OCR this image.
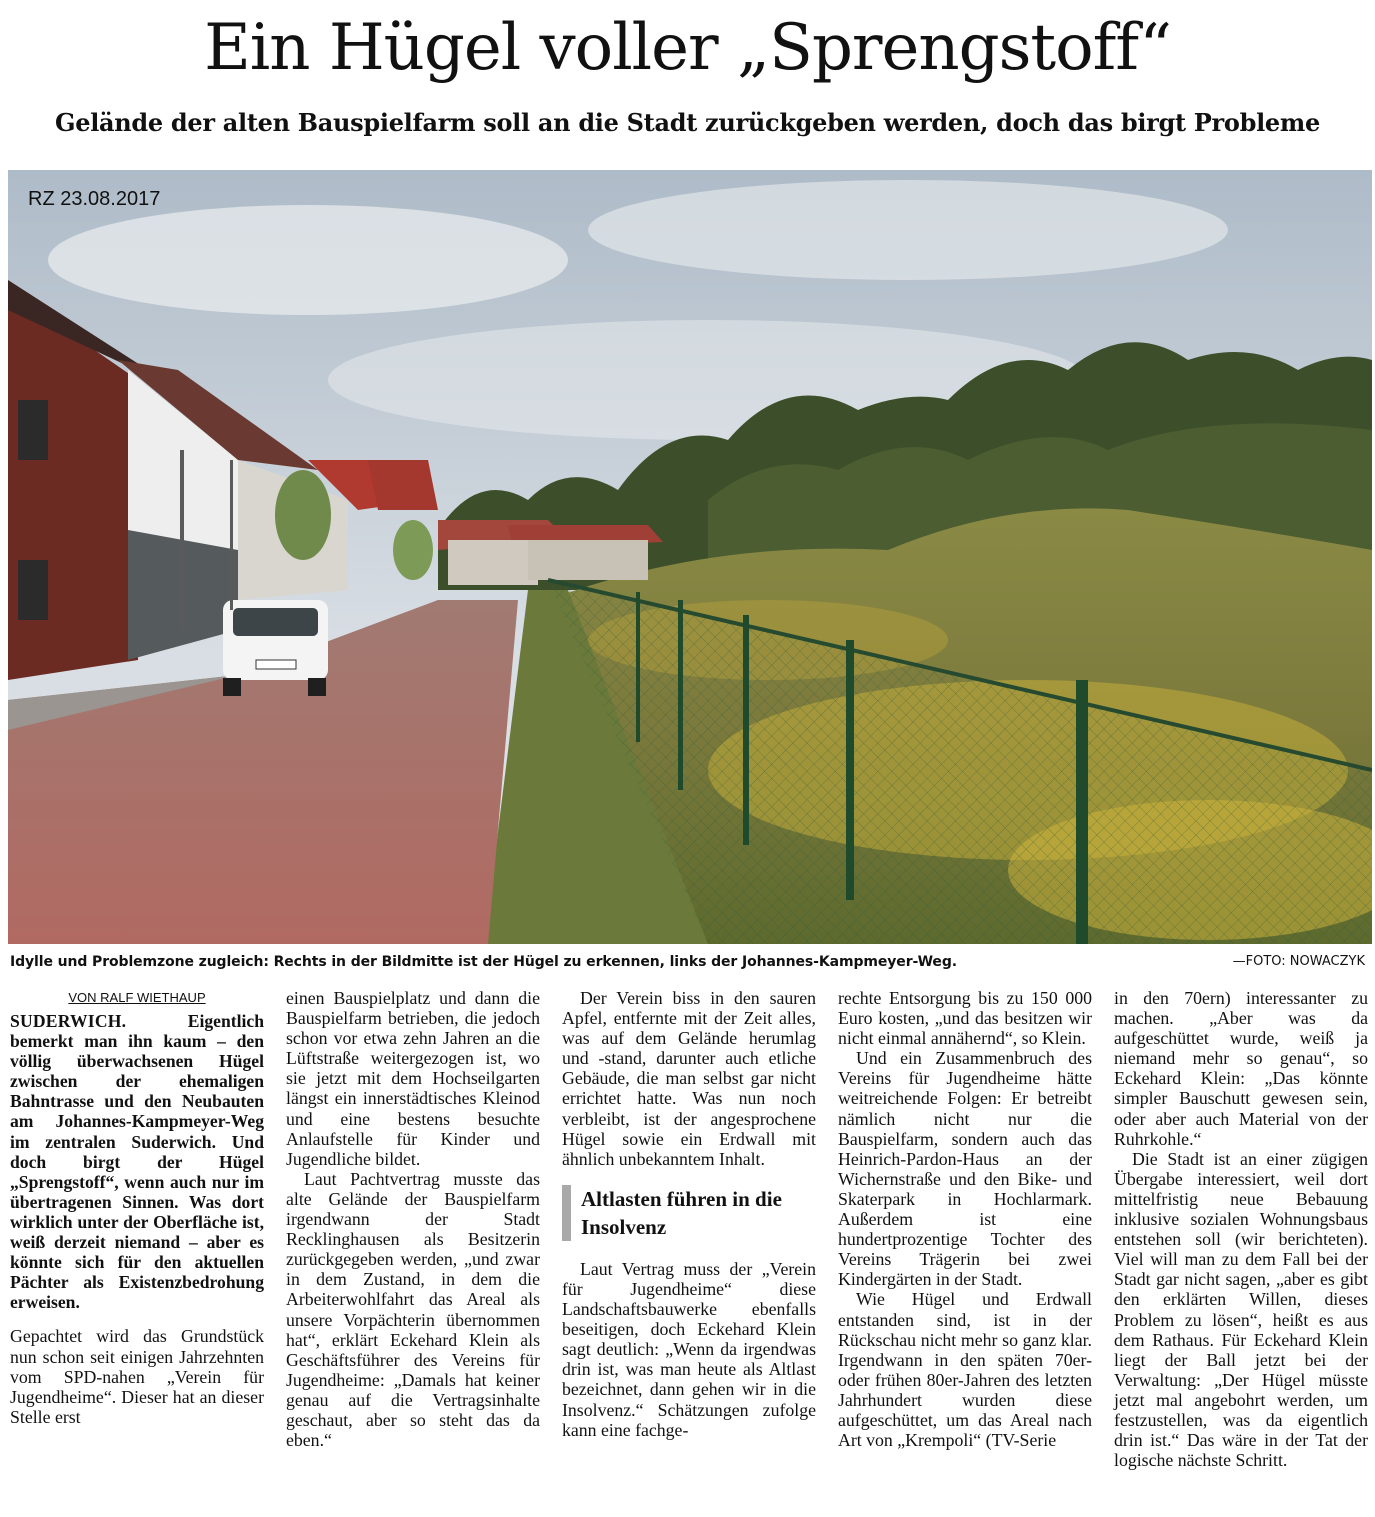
Ein Hügel voller „Sprengstoff“
Gelände der alten Bauspielfarm soll an die Stadt zurückgeben werden, doch das birgt Probleme
RZ 23.08.2017
Idylle und Problemzone zugleich: Rechts in der Bildmitte ist der Hügel zu erkennen, links der Johannes-Kampmeyer-Weg.	—FOTO: NOWACZYK
VON RALF WIETHAUP

SUDERWICH.	Eigentlich bemerkt man ihn kaum – den völlig überwachsenen Hügel zwischen der ehemaligen Bahntrasse und den Neubauten am Johannes-Kampmeyer-Weg im zentralen Suderwich. Und doch birgt der Hügel „Sprengstoff“, wenn auch nur im übertragenen Sinnen. Was dort wirklich unter der Oberfläche ist, weiß derzeit niemand – aber es könnte sich für den aktuellen Pächter als Existenzbedrohung erweisen.

Gepachtet wird das Grundstück nun schon seit einigen Jahrzehnten vom SPD-nahen „Verein für Jugendheime“. Dieser hat an dieser Stelle erst

einen Bauspielplatz und dann die Bauspielfarm betrieben, die jedoch schon vor etwa zehn Jahren an die Lüftstraße weitergezogen ist, wo sie jetzt mit dem Hochseilgarten längst ein innerstädtisches Kleinod und eine bestens besuchte Anlaufstelle für Kinder und Jugendliche bildet.

Laut Pachtvertrag musste das alte Gelände der Bauspielfarm irgendwann der Stadt Recklinghausen als Besitzerin zurückgegeben werden, „und zwar in dem Zustand, in dem die Arbeiterwohlfahrt das Areal als unsere Vorpächterin übernommen hat“, erklärt Eckehard Klein als Geschäftsführer des Vereins für Jugendheime: „Damals hat keiner genau auf die Vertragsinhalte geschaut, aber so steht das da eben.“

Der Verein biss in den sauren Apfel, entfernte mit der Zeit alles, was auf dem Gelände herumlag und -stand, darunter auch etliche Gebäude, die man selbst gar nicht errichtet hatte. Was nun noch verbleibt, ist der angesprochene Hügel sowie ein Erdwall mit ähnlich unbekanntem Inhalt.

Altlasten führen in die Insolvenz

Laut Vertrag muss der „Verein für Jugendheime“ diese Landschaftsbauwerke ebenfalls beseitigen, doch Eckehard Klein sagt deutlich: „Wenn da irgendwas drin ist, was man heute als Altlast bezeichnet, dann gehen wir in die Insolvenz.“ Schätzungen zufolge kann eine fachge-

rechte Entsorgung bis zu 150 000 Euro kosten, „und das besitzen wir nicht einmal annähernd“, so Klein.

Und ein Zusammenbruch des Vereins für Jugendheime hätte weitreichende Folgen: Er betreibt nämlich nicht nur die Bauspielfarm, sondern auch das Heinrich-Pardon-Haus an der Wichernstraße und den Bike- und Skaterpark in Hochlarmark. Außerdem ist eine hundertprozentige Tochter des Vereins Trägerin bei zwei Kindergärten in der Stadt.

Wie Hügel und Erdwall entstanden sind, ist in der Rückschau nicht mehr so ganz klar. Irgendwann in den späten 70er- oder frühen 80er-Jahren des letzten Jahrhundert wurden diese aufgeschüttet, um das Areal nach Art von „Krempoli“ (TV-Serie

in den 70ern) interessanter zu machen. „Aber was da aufgeschüttet wurde, weiß ja niemand mehr so genau“, so Eckehard Klein: „Das könnte simpler Bauschutt gewesen sein, oder aber auch Material von der Ruhrkohle.“

Die Stadt ist an einer zügigen Übergabe interessiert, weil dort mittelfristig neue Bebauung inklusive sozialen Wohnungsbaus entstehen soll (wir berichteten). Viel will man zu dem Fall bei der Stadt gar nicht sagen, „aber es gibt den erklärten Willen, dieses Problem zu lösen“, heißt es aus dem Rathaus. Für Eckehard Klein liegt der Ball jetzt bei der Verwaltung: „Der Hügel müsste jetzt mal angebohrt werden, um festzustellen, was da eigentlich drin ist.“ Das wäre in der Tat der logische nächste Schritt.
